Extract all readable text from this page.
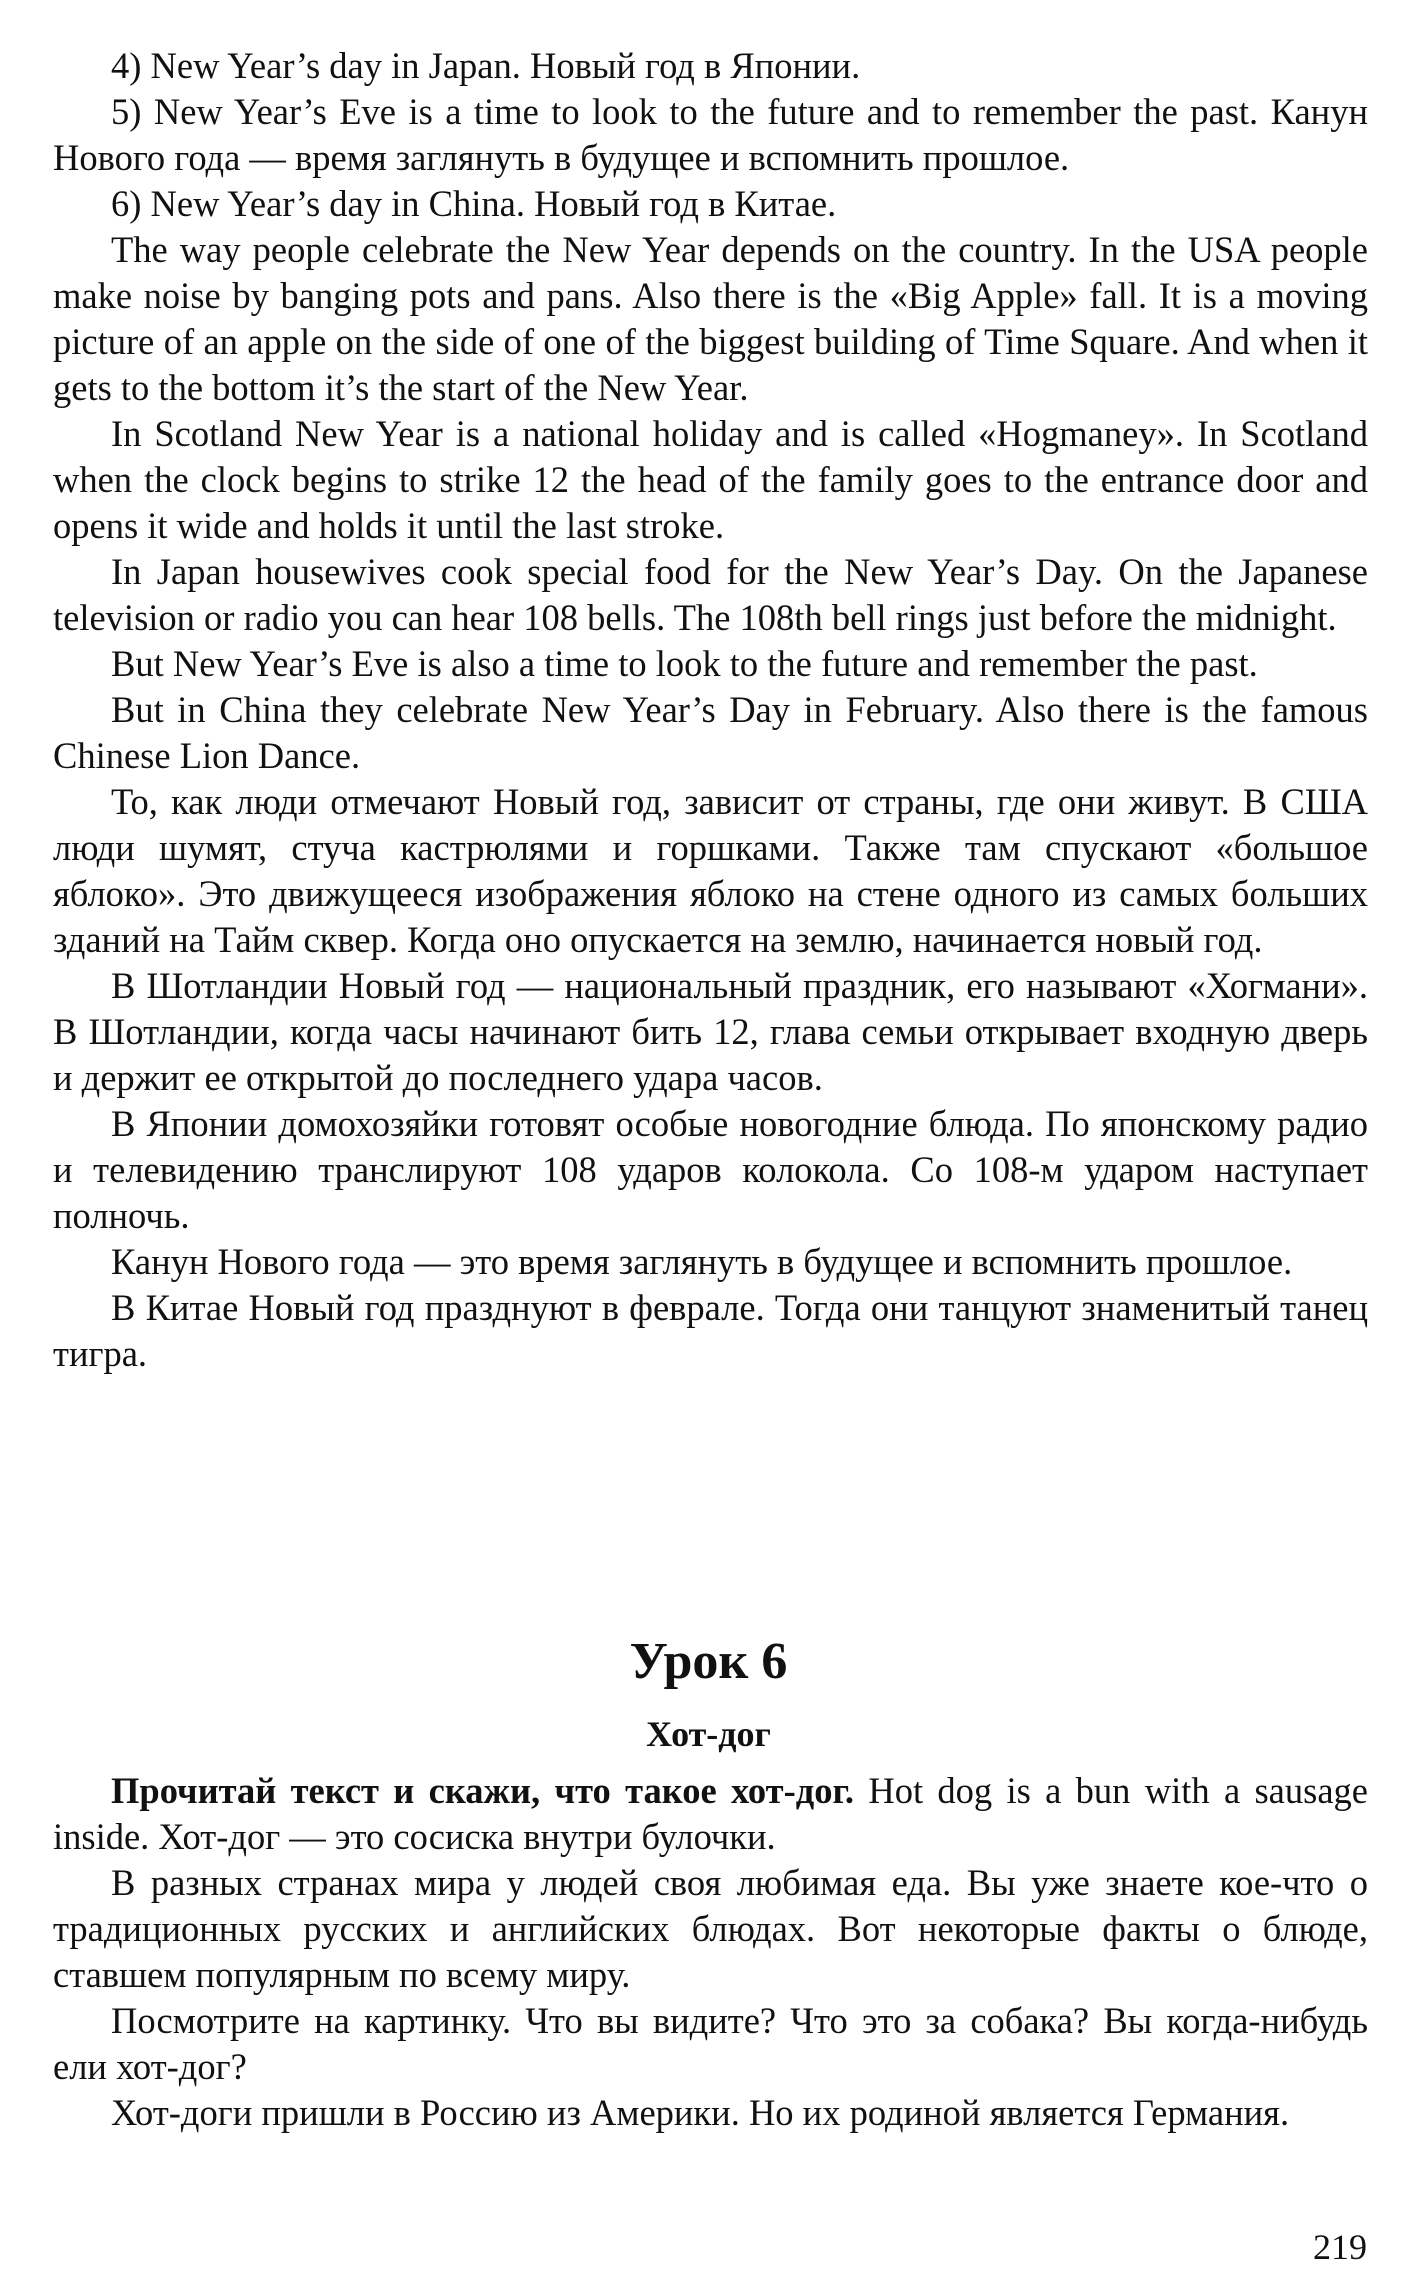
4) New Year’s day in Japan. Новый год в Японии.

5) New Year’s Eve is a time to look to the future and to remember the past. Канун Нового года — время заглянуть в будущее и вспомнить прошлое.

6) New Year’s day in China. Новый год в Китае.

The way people celebrate the New Year depends on the country. In the USA people make noise by banging pots and pans. Also there is the «Big Apple» fall. It is a moving picture of an apple on the side of one of the biggest building of Time Square. And when it gets to the bottom it’s the start of the New Year.

In Scotland New Year is a national holiday and is called «Hogmaney». In Scotland when the clock begins to strike 12 the head of the family goes to the entrance door and opens it wide and holds it until the last stroke.

In Japan housewives cook special food for the New Year’s Day. On the Japanese television or radio you can hear 108 bells. The 108th bell rings just before the midnight.

But New Year’s Eve is also a time to look to the future and remember the past.

But in China they celebrate New Year’s Day in February. Also there is the famous Chinese Lion Dance.

То, как люди отмечают Новый год, зависит от страны, где они живут. В США люди шумят, стуча кастрюлями и горшками. Также там спускают «большое яблоко». Это движущееся изображения яблоко на стене одного из самых больших зданий на Тайм сквер. Когда оно опускается на землю, начинается новый год.

В Шотландии Новый год — национальный праздник, его называют «Хогмани». В Шотландии, когда часы начинают бить 12, глава семьи открывает входную дверь и держит ее открытой до последнего удара часов.

В Японии домохозяйки готовят особые новогодние блюда. По японскому радио и телевидению транслируют 108 ударов колокола. Со 108-м ударом наступает полночь.

Канун Нового года — это время заглянуть в будущее и вспомнить прошлое.

В Китае Новый год празднуют в феврале. Тогда они танцуют знаменитый танец тигра.

Урок 6
Хот-дог

Прочитай текст и скажи, что такое хот-дог. Hot dog is a bun with a sausage inside. Хот-дог — это сосиска внутри булочки.

В разных странах мира у людей своя любимая еда. Вы уже знаете кое-что о традиционных русских и английских блюдах. Вот некоторые факты о блюде, ставшем популярным по всему миру.

Посмотрите на картинку. Что вы видите? Что это за собака? Вы когда-нибудь ели хот-дог?

Хот-доги пришли в Россию из Америки. Но их родиной является Германия.

219
